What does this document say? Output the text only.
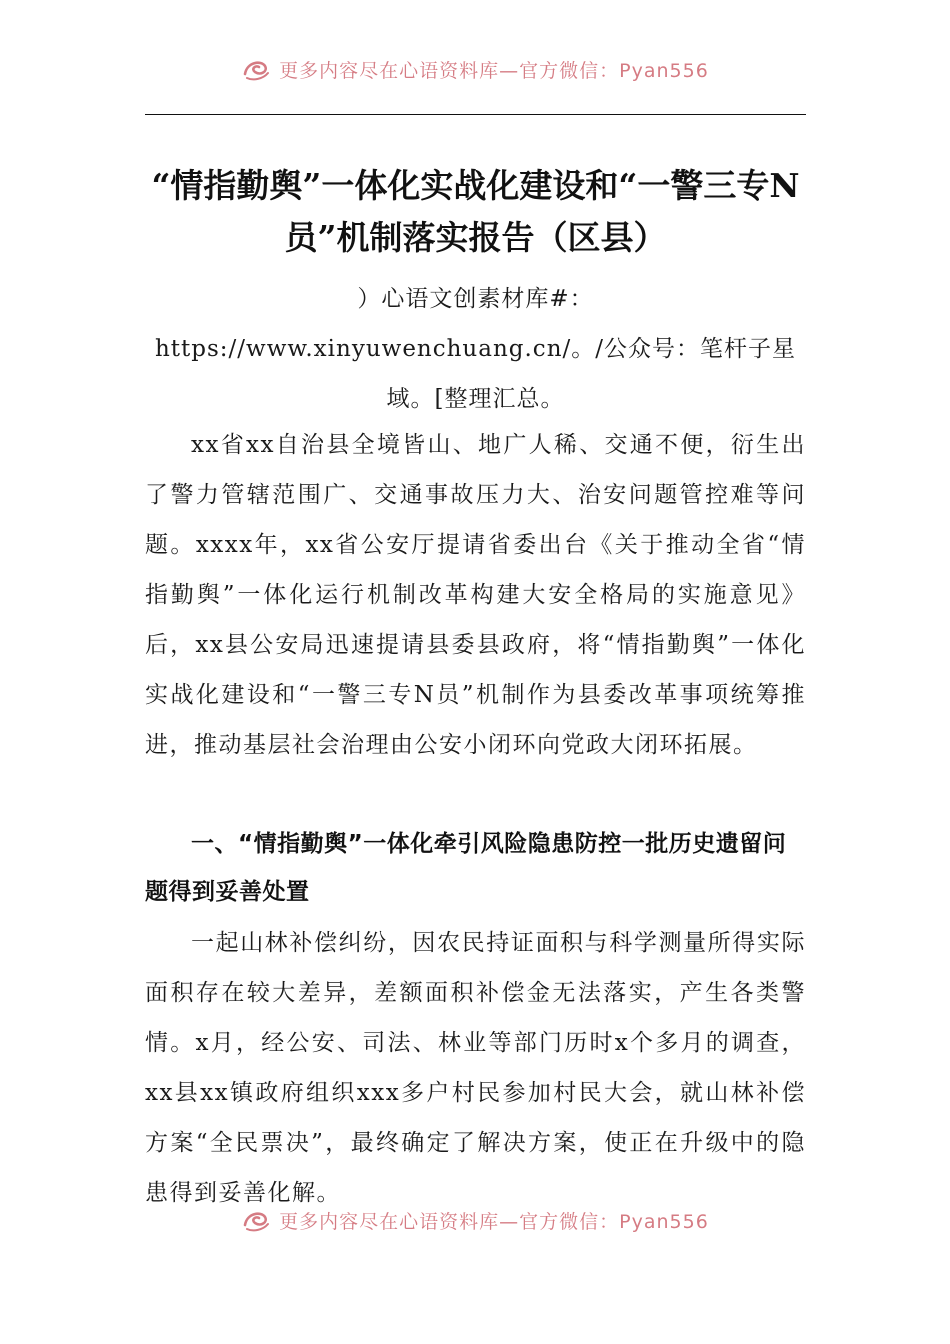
更多内容尽在心语资料库—官方微信：Pyan556
“情指勤舆”一体化实战化建设和“一警三专N员”机制落实报告（区县）
）心语文创素材库#：https://www.xinyuwenchuang.cn/。/公众号：笔杆子星域。[整理汇总。
xx省xx自治县全境皆山、地广人稀、交通不便，衍生出了警力管辖范围广、交通事故压力大、治安问题管控难等问题。xxxx年，xx省公安厅提请省委出台《关于推动全省“情指勤舆”一体化运行机制改革构建大安全格局的实施意见》后，xx县公安局迅速提请县委县政府，将“情指勤舆”一体化实战化建设和“一警三专N员”机制作为县委改革事项统筹推进，推动基层社会治理由公安小闭环向党政大闭环拓展。
一、“情指勤舆”一体化牵引风险隐患防控一批历史遗留问题得到妥善处置
一起山林补偿纠纷，因农民持证面积与科学测量所得实际面积存在较大差异，差额面积补偿金无法落实，产生各类警情。x月，经公安、司法、林业等部门历时x个多月的调查，xx县xx镇政府组织xxx多户村民参加村民大会，就山林补偿方案“全民票决”，最终确定了解决方案，使正在升级中的隐患得到妥善化解。
更多内容尽在心语资料库—官方微信：Pyan556
